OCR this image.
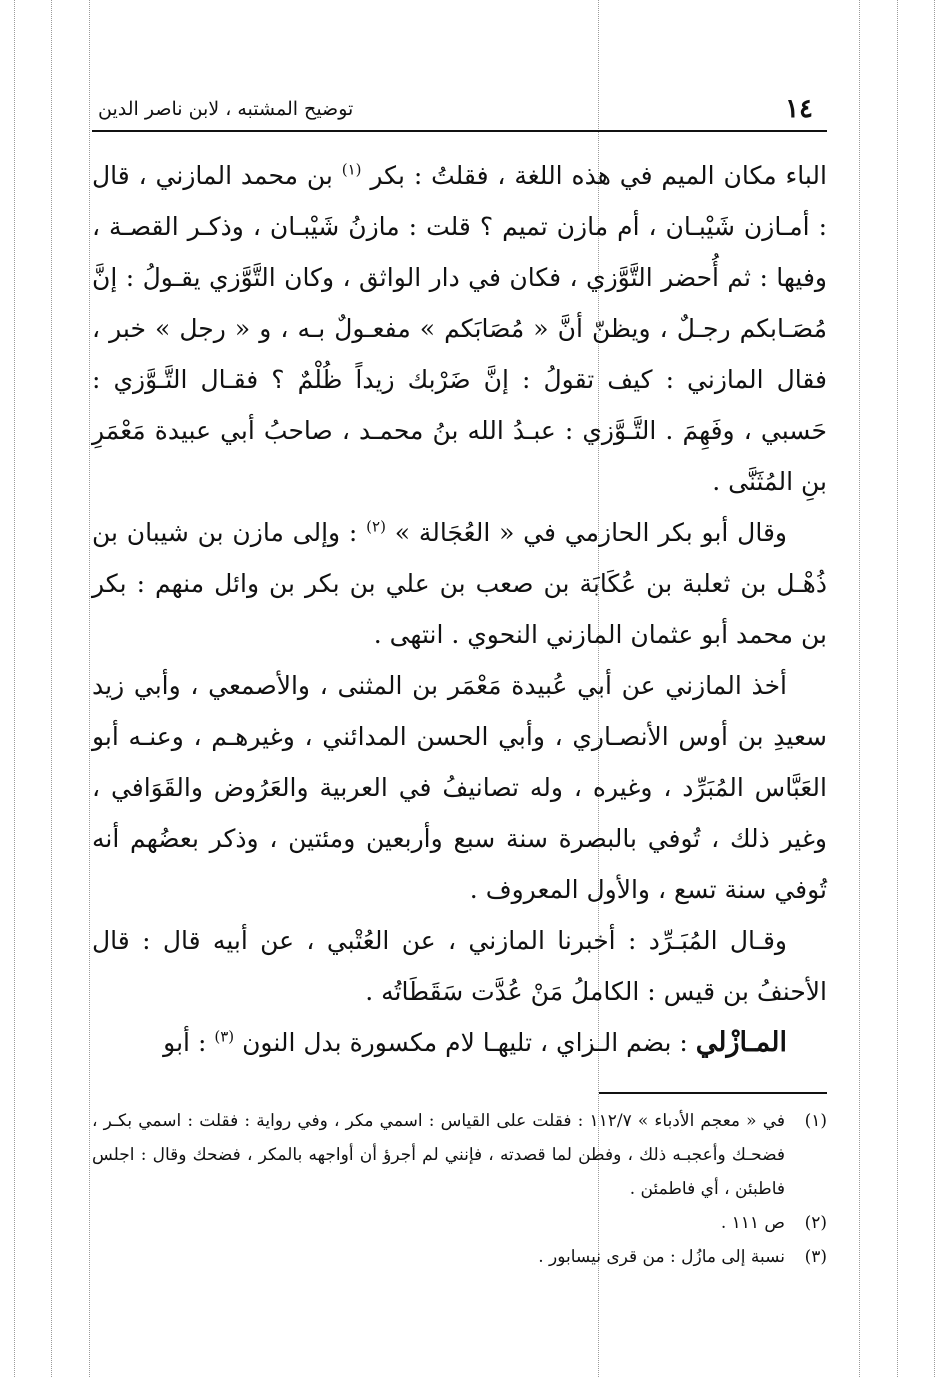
١٤
توضيح المشتبه ، لابن ناصر الدين

الباء مكان الميم في هذه اللغة ، فقلتُ : بكر $^{(١)}$ بن محمد المازني ، قال : أمـازن شَيْبـان ، أم مازن تميم ؟ قلت : مازنُ شَيْبـان ، وذكـر القصـة ، وفيها : ثم أُحضر التَّوَّزي ، فكان في دار الواثق ، وكان التَّوَّزي يقـولُ : إنَّ مُصَـابكم رجـلٌ ، ويظنّ أنَّ « مُصَابَكم » مفعـولٌ بـه ، و « رجل » خبر ، فقال المازني : كيف تقولُ : إنَّ ضَرْبك زيداً ظُلْمٌ ؟ فقـال التَّـوَّزي : حَسبي ، وفَهِمَ . التَّـوَّزي : عبـدُ الله بنُ محمـد ، صاحبُ أبي عبيدة مَعْمَرِ بنِ المُثَنَّى .

وقال أبو بكر الحازمي في « العُجَالة » $^{(٢)}$ : وإلى مازن بن شيبان بن ذُهْـل بن ثعلبة بن عُكَابَة بن صعب بن علي بن بكر بن وائل منهم : بكر بن محمد أبو عثمان المازني النحوي . انتهى .

أخذ المازني عن أبي عُبيدة مَعْمَر بن المثنى ، والأصمعي ، وأبي زيد سعيدِ بن أوس الأنصـاري ، وأبي الحسن المدائني ، وغيرهـم ، وعنـه أبو العَبَّاس المُبَرِّد ، وغيره ، وله تصانيفُ في العربية والعَرُوض والقَوَافي ، وغير ذلك ، تُوفي بالبصرة سنة سبع وأربعين ومئتين ، وذكر بعضُهم أنه تُوفي سنة تسع ، والأول المعروف .

وقـال المُبَـرِّد : أخبرنا المازني ، عن العُتْبي ، عن أبيه قال : قال الأحنفُ بن قيس : الكاملُ مَنْ عُدَّت سَقَطَاتُه .

المـازْلي : بضم الـزاي ، تليهـا لام مكسورة بدل النون $^{(٣)}$ : أبو

(١)
في « معجم الأدباء » ١١٢/٧ : فقلت على القياس : اسمي مكر ، وفي رواية : فقلت : اسمي بكـر ، فضحـك وأعجبـه ذلك ، وفطن لما قصدته ، فإنني لم أجرؤ أن أواجهه بالمكر ، فضحك وقال : اجلس فاطبئن ، أي فاطمئن .
(٢)
ص ١١١ .
(٣)
نسبة إلى مازُل : من قرى نيسابور .
